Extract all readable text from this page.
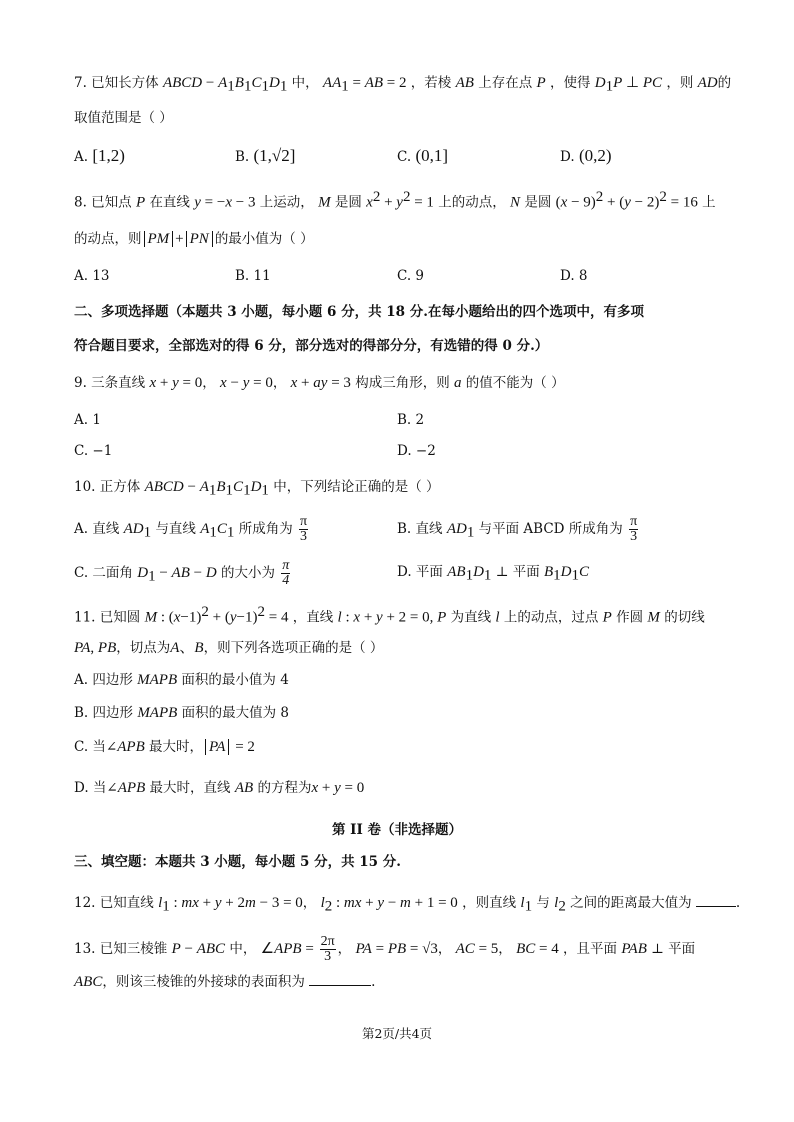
7. 已知长方体 ABCD − $A_1B_1C_1D_1$ 中， $AA_1$ = AB = 2 ，若棱 AB 上存在点 P ，使得 $D_1P$ ⊥ PC ，则 AD的
取值范围是（ ）
A. [1,2)	B. (1,√2]	C. (0,1]	D. (0,2)
8. 已知点 P 在直线 y = −x − 3 上运动， M 是圆 $x^2 + y^2 = 1$ 上的动点， N 是圆 $(x - 9)^2 + (y - 2)^2 = 16$ 上
的动点，则 PM + PN 的最小值为（ ）
A. 13	B. 11	C. 9	D. 8
二、多项选择题（本题共 3 小题，每小题 6 分，共 18 分.在每小题给出的四个选项中，有多项
符合题目要求，全部选对的得 6 分，部分选对的得部分分，有选错的得 0 分.）
9. 三条直线 x + y = 0， x − y = 0， x + ay = 3 构成三角形，则 a 的值不能为（ ）
A. 1	B. 2
C. −1	D. −2
10. 正方体 ABCD − $A_1B_1C_1D_1$ 中，下列结论正确的是（ ）
A. 直线 $AD_1$ 与直线 $A_1C_1$ 所成角为 $\frac{\pi}{3}$	B. 直线 $AD_1$ 与平面 ABCD 所成角为 $\frac{\pi}{3}$
C. 二面角 $D_1$ − AB − D 的大小为 $\frac{\pi}{4}$	D. 平面 $AB_1D_1$ ⊥ 平面 $B_1D_1C$
11. 已知圆 M : $(x-1)^2 + (y-1)^2 = 4$ ，直线 l : x + y + 2 = 0, P 为直线 l 上的动点，过点 P 作圆 M 的切线
PA, PB，切点为A、B，则下列各选项正确的是（ ）
A. 四边形 MAPB 面积的最小值为 4
B. 四边形 MAPB 面积的最大值为 8
C. 当∠APB 最大时， PA = 2
D. 当∠APB 最大时，直线 AB 的方程为x + y = 0
第 II 卷（非选择题）
三、填空题：本题共 3 小题，每小题 5 分，共 15 分.
12. 已知直线 $l_1$ : mx + y + 2m − 3 = 0， $l_2$ : mx + y − m + 1 = 0 ，则直线 $l_1$ 与 $l_2$ 之间的距离最大值为	.
13. 已知三棱锥 P − ABC 中， ∠APB = $\frac{2\pi}{3}$ ， PA = PB = √3， AC = 5， BC = 4 ，且平面 PAB ⊥ 平面
ABC，则该三棱锥的外接球的表面积为	.
第2页/共4页
